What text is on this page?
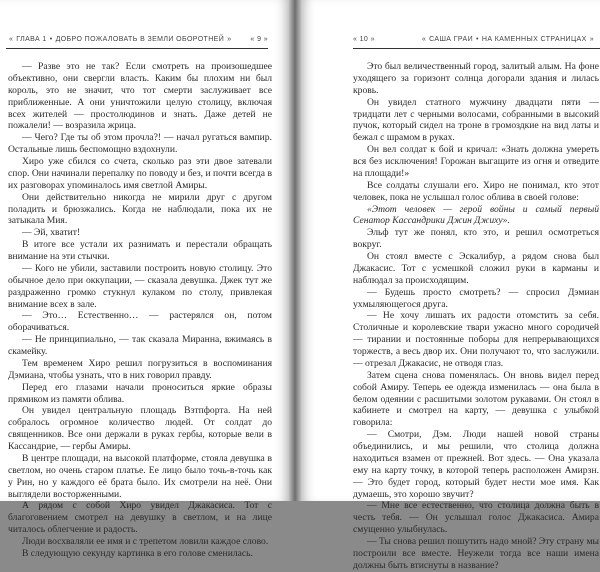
« ГЛАВА 1 • ДОБРО ПОЖАЛОВАТЬ В ЗЕМЛИ ОБОРОТНЕЙ »	« 9 »

— Разве это не так? Если смотреть на произошедшее объективно, они свергли власть. Каким бы плохим ни был король, это не значит, что тот смерти заслуживает все приближенные. А они уничтожили целую столицу, включая всех жителей — простолюдинов и знать. Даже детей не пожалели! — возразила жрица.

— Чего? Где ты об этом прочла?! — начал ругаться вампир. Остальные лишь беспомощно вздохнули.

Хиро уже сбился со счета, сколько раз эти двое затевали спор. Они начинали перепалку по поводу и без, и почти всегда в их разговорах упоминалось имя светлой Амиры.

Они действительно никогда не мирили друг с другом поладить и брюзжались. Когда не наблюдали, пока их не затыкала Мия.

— Эй, хватит!

В итоге все устали их разнимать и перестали обращать внимание на эти стычки.

— Кого не убили, заставили построить новую столицу. Это обычное дело при оккупации, — сказала девушка. Джек тут же раздраженно громко стукнул кулаком по столу, привлекая внимание всех в зале.

— Это… Естественно… — растерялся он, потом оборачиваться.

— Не принципиально, — так сказала Миранна, вжимаясь в скамейку.

Тем временем Хиро решил погрузиться в воспоминания Дэмиана, чтобы узнать, что в них говорил правду.

Перед его глазами начали проноситься яркие образы прямиком из памяти облива.

Он увидел центральную площадь Взтпфорта. На ней собралось огромное количество людей. От солдат до священников. Все они держали в руках гербы, которые вели в Кассандрие, — гербы Амиры.

В центре площади, на высокой платформе, стояла девушка в светлом, но очень старом платье. Ее лицо было точь-в-точь как у Рин, но у каждого её брата было. Их смотрели на неё. Они выглядели восторженными.

А рядом с собой Хиро увидел Джакасиса. Тот с благоговением смотрел на девушку в светлом, и на лице читалось облегчение и радость.

Люди восхваляли ее имя и с трепетом ловили каждое слово.

В следующую секунду картинка в его голове сменилась.

« 10 »	« САША ГРАИ • НА КАМЕННЫХ СТРАНИЦАХ »

Это был величественный город, залитый алым. На фоне уходящего за горизонт солнца догорали здания и лилась кровь.

Он увидел статного мужчину двадцати пяти — тридцати лет с черными волосами, собранными в высокий пучок, который сидел на троне в громоздкие на вид латы и бежал с шрамом в руках.

Он вел солдат к бой и кричал: «Знать должна умереть вся без исключения! Горожан выгащите из огня и отведите на площади!»

Все солдаты слушали его. Хиро не понимал, кто этот человек, пока не услышал голос облива в своей голове:

«Этот человек — герой войны и самый первый Сенатор Кассандрики Джин Джиху».

Эльф тут же понял, кто это, и решил осмотреться вокруг.

Он стоял вместе с Эскалибур, а рядом снова был Джакасис. Тот с усмешкой сложил руки в карманы и наблюдал за происходящим.

— Будешь просто смотреть? — спросил Дэмиан ухмыляющегося друга.

— Не хочу лишать их радости отомстить за себя. Столичные и королевские твари ужасно много сородичей — тирании и постоянные поборы для непрерывающихся торжеств, а весь двор их. Они получают то, что заслужили. — отрезал Джакасис, не отводя глаз.

Затем сцена снова поменялась. Он вновь видел перед собой Амиру. Теперь ее одежда изменилась — она была в белом одеянии с расшитыми золотом рукавами. Он стоял в кабинете и смотрел на карту, — девушка с улыбкой говорила:

— Смотри, Дэм. Люди нашей новой страны объединились, и мы решили, что столица должна находиться взамен от прежней. Вот здесь. — Она указала ему на карту точку, в которой теперь расположен Амирзн. — Это будет город, который будет нести мое имя. Как думаешь, это хорошо звучит?

— Мне все естественно, что столица должна быть в честь тебя. — Он услышал голос Джакасиса. Амира смущенно улыбнулась.

— Ты снова решил пошутить надо мной? Эту страну мы построили все вместе. Неужели тогда все наши имена должны быть втиснуты в название?
